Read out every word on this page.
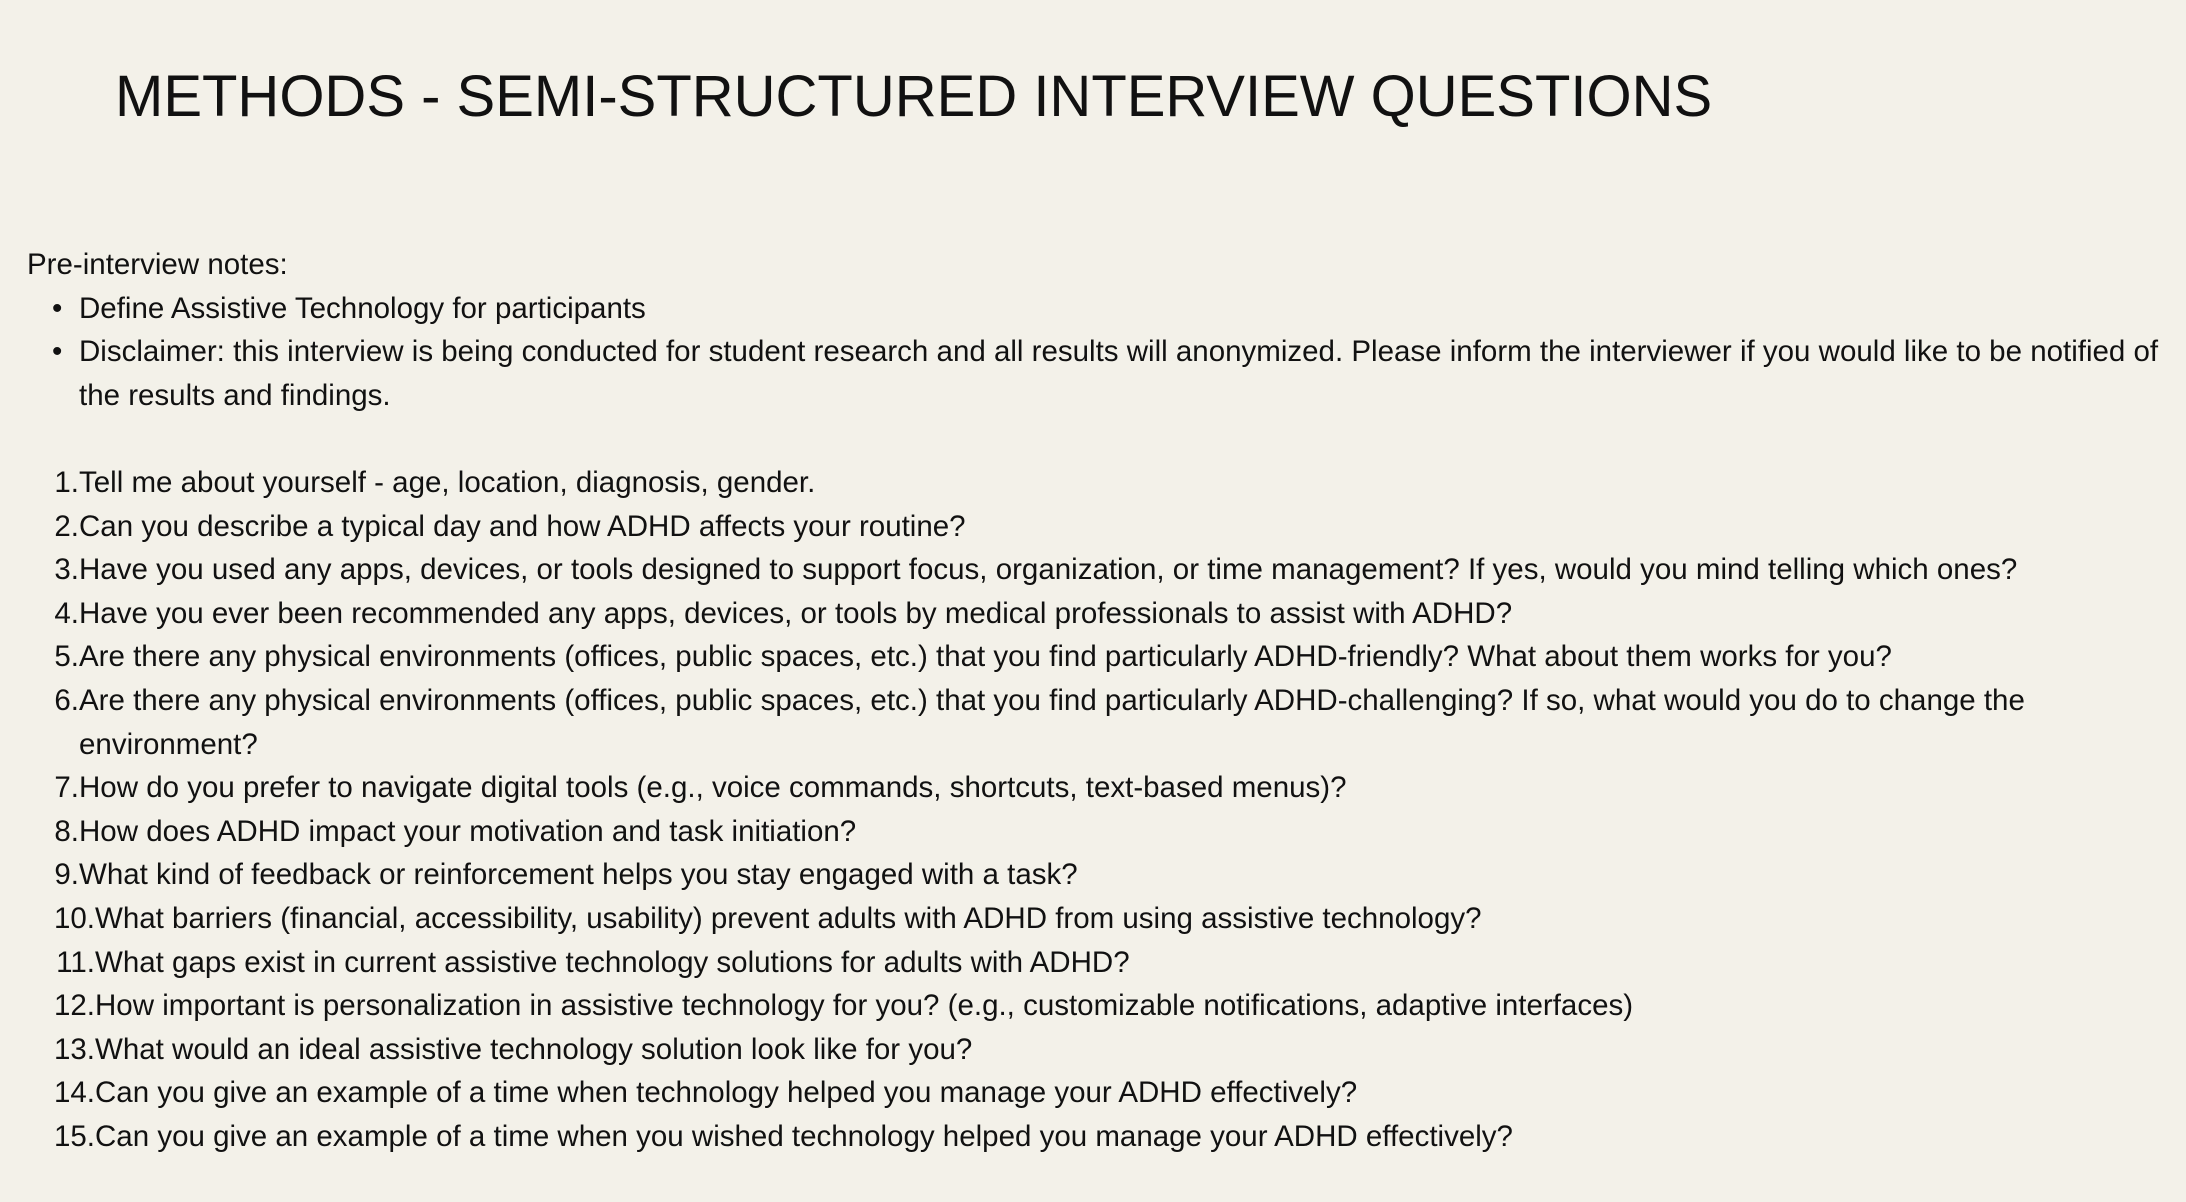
METHODS - SEMI-STRUCTURED INTERVIEW QUESTIONS

Pre-interview notes:

• Define Assistive Technology for participants
• Disclaimer: this interview is being conducted for student research and all results will anonymized. Please inform the interviewer if you would like to be notified of the results and findings.
1. Tell me about yourself - age, location, diagnosis, gender.
2. Can you describe a typical day and how ADHD affects your routine?
3. Have you used any apps, devices, or tools designed to support focus, organization, or time management? If yes, would you mind telling which ones?
4. Have you ever been recommended any apps, devices, or tools by medical professionals to assist with ADHD?
5. Are there any physical environments (offices, public spaces, etc.) that you find particularly ADHD-friendly? What about them works for you?
6. Are there any physical environments (offices, public spaces, etc.) that you find particularly ADHD-challenging? If so, what would you do to change the environment?
7. How do you prefer to navigate digital tools (e.g., voice commands, shortcuts, text-based menus)?
8. How does ADHD impact your motivation and task initiation?
9. What kind of feedback or reinforcement helps you stay engaged with a task?
10. What barriers (financial, accessibility, usability) prevent adults with ADHD from using assistive technology?
11. What gaps exist in current assistive technology solutions for adults with ADHD?
12. How important is personalization in assistive technology for you? (e.g., customizable notifications, adaptive interfaces)
13. What would an ideal assistive technology solution look like for you?
14. Can you give an example of a time when technology helped you manage your ADHD effectively?
15. Can you give an example of a time when you wished technology helped you manage your ADHD effectively?
